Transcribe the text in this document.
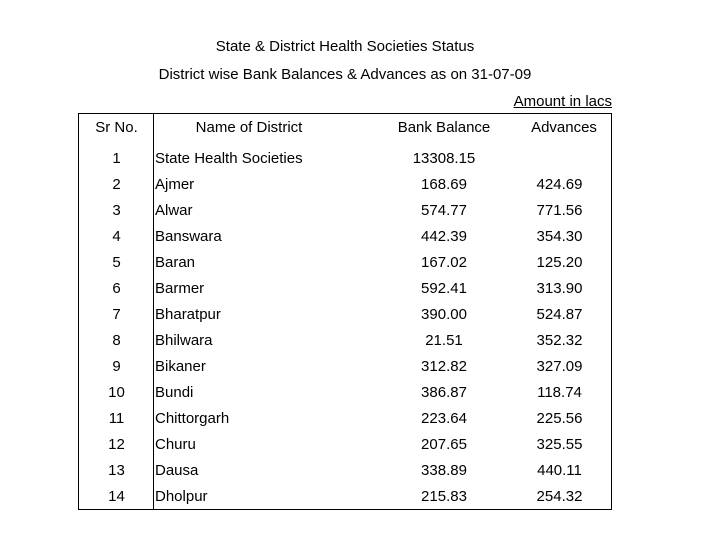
State & District Health Societies Status
District wise Bank Balances & Advances as on 31-07-09
Amount in lacs
Sr No.	Name of District	Bank Balance	Advances
1	State Health Societies	13308.15
2	Ajmer	168.69	424.69
3	Alwar	574.77	771.56
4	Banswara	442.39	354.30
5	Baran	167.02	125.20
6	Barmer	592.41	313.90
7	Bharatpur	390.00	524.87
8	Bhilwara	21.51	352.32
9	Bikaner	312.82	327.09
10	Bundi	386.87	118.74
11	Chittorgarh	223.64	225.56
12	Churu	207.65	325.55
13	Dausa	338.89	440.11
14	Dholpur	215.83	254.32
